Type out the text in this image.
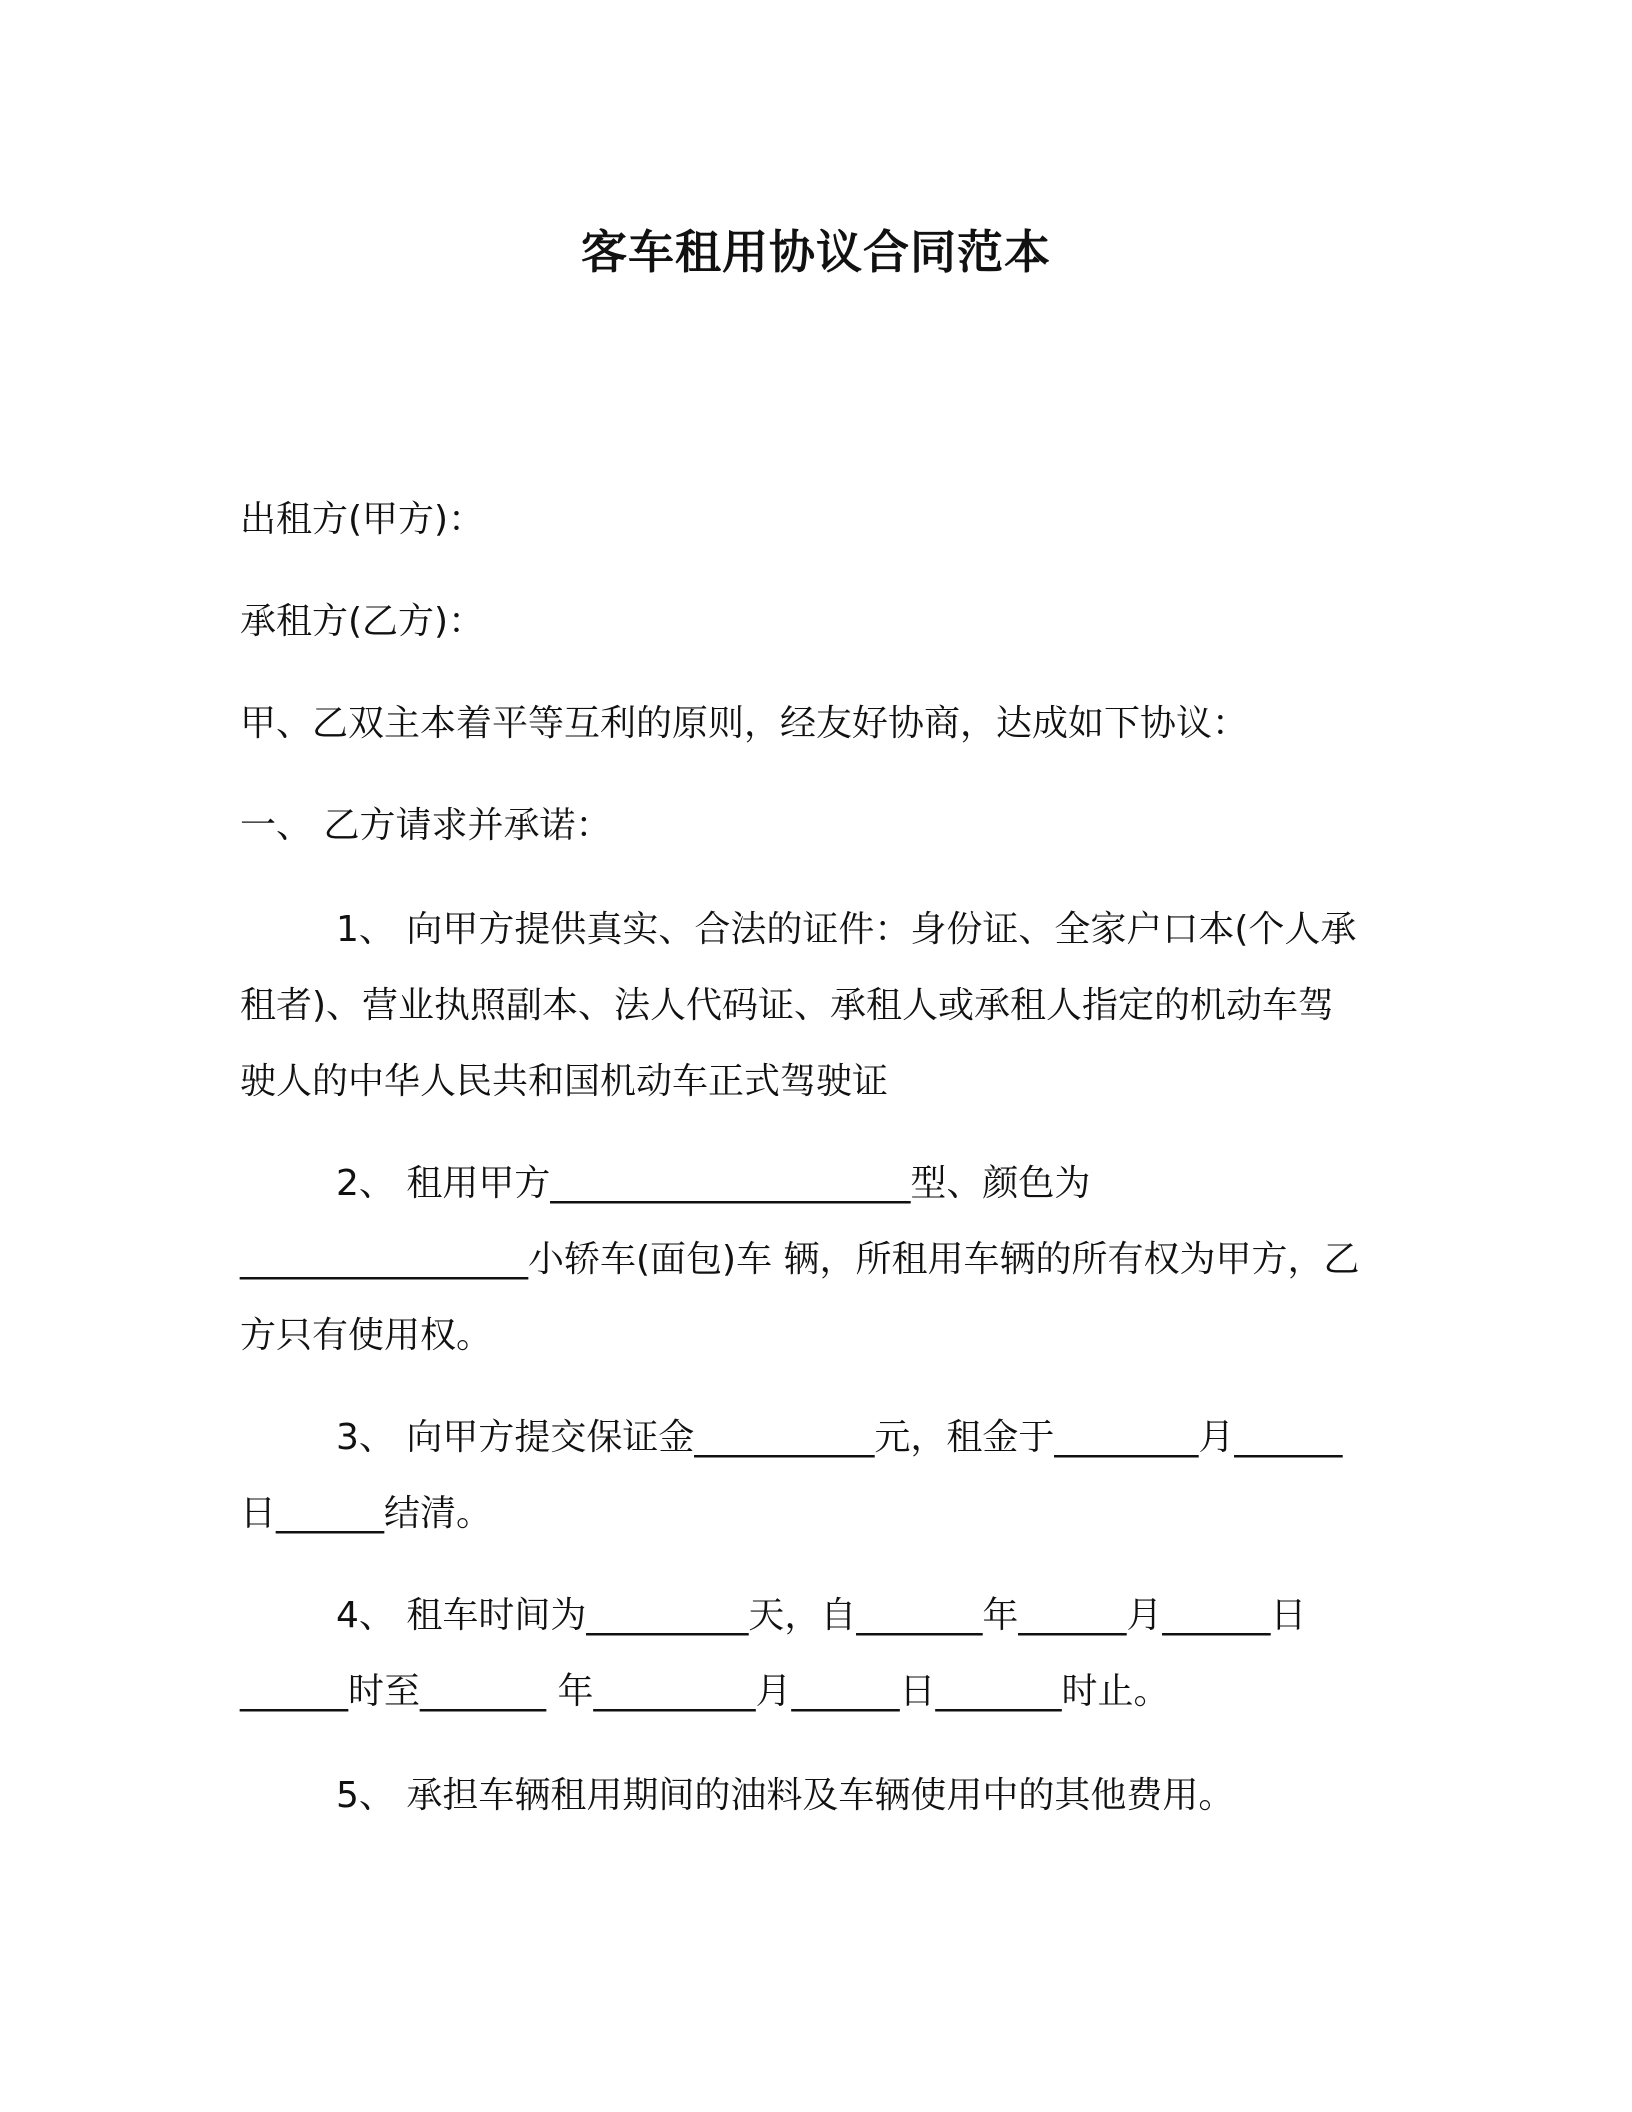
客车租用协议合同范本
出租方(甲方)：
承租方(乙方)：
甲、乙双主本着平等互利的原则，经友好协商，达成如下协议：
一、 乙方请求并承诺：
1、 向甲方提供真实、合法的证件：身份证、全家户口本(个人承
租者)、营业执照副本、法人代码证、承租人或承租人指定的机动车驾
驶人的中华人民共和国机动车正式驾驶证
2、 租用甲方____________________型、颜色为
________________小轿车(面包)车 辆，所租用车辆的所有权为甲方，乙
方只有使用权。
3、 向甲方提交保证金__________元，租金于________月______
日______结清。
4、 租车时间为_________天，自_______年______月______日
______时至_______ 年_________月______日_______时止。
5、 承担车辆租用期间的油料及车辆使用中的其他费用。
